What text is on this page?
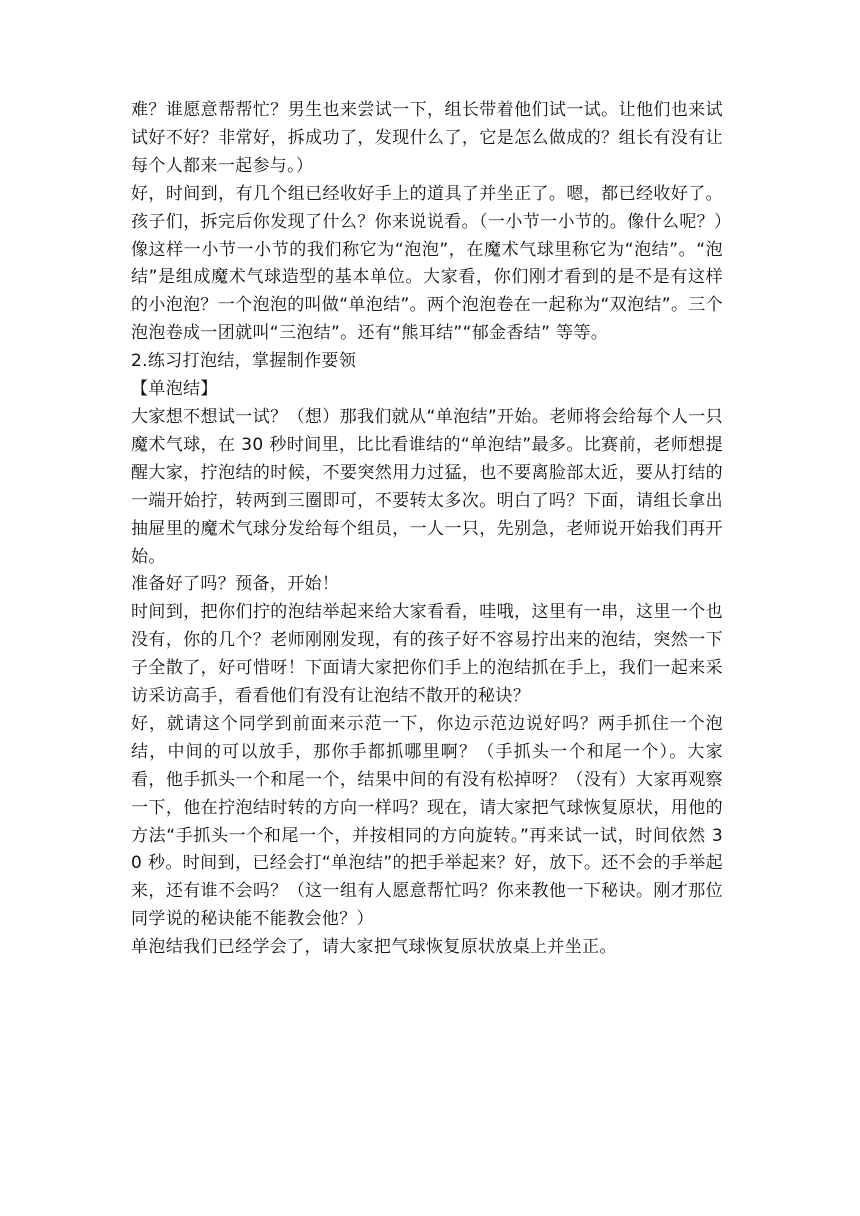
难？谁愿意帮帮忙？男生也来尝试一下，组长带着他们试一试。让他们也来试试好不好？非常好，拆成功了，发现什么了，它是怎么做成的？组长有没有让每个人都来一起参与。）

好，时间到，有几个组已经收好手上的道具了并坐正了。嗯，都已经收好了。孩子们，拆完后你发现了什么？你来说说看。（一小节一小节的。像什么呢？）像这样一小节一小节的我们称它为“泡泡”，在魔术气球里称它为“泡结”。“泡结”是组成魔术气球造型的基本单位。大家看，你们刚才看到的是不是有这样的小泡泡？一个泡泡的叫做“单泡结”。两个泡泡卷在一起称为“双泡结”。三个泡泡卷成一团就叫“三泡结”。还有“熊耳结”“郁金香结” 等等。

2.练习打泡结，掌握制作要领

【单泡结】

大家想不想试一试？（想）那我们就从“单泡结”开始。老师将会给每个人一只魔术气球，在 30 秒时间里，比比看谁结的“单泡结”最多。比赛前，老师想提醒大家，拧泡结的时候，不要突然用力过猛，也不要离脸部太近，要从打结的一端开始拧，转两到三圈即可，不要转太多次。明白了吗？下面，请组长拿出抽屉里的魔术气球分发给每个组员，一人一只，先别急，老师说开始我们再开始。

准备好了吗？预备，开始！

时间到，把你们拧的泡结举起来给大家看看，哇哦，这里有一串，这里一个也没有，你的几个？老师刚刚发现，有的孩子好不容易拧出来的泡结，突然一下子全散了，好可惜呀！下面请大家把你们手上的泡结抓在手上，我们一起来采访采访高手，看看他们有没有让泡结不散开的秘诀？

好，就请这个同学到前面来示范一下，你边示范边说好吗？两手抓住一个泡结，中间的可以放手，那你手都抓哪里啊？（手抓头一个和尾一个）。大家看，他手抓头一个和尾一个，结果中间的有没有松掉呀？（没有）大家再观察一下，他在拧泡结时转的方向一样吗？现在，请大家把气球恢复原状，用他的方法“手抓头一个和尾一个，并按相同的方向旋转。”再来试一试，时间依然 30 秒。时间到，已经会打“单泡结”的把手举起来？好，放下。还不会的手举起来，还有谁不会吗？（这一组有人愿意帮忙吗？你来教他一下秘诀。刚才那位同学说的秘诀能不能教会他？）

单泡结我们已经学会了，请大家把气球恢复原状放桌上并坐正。
